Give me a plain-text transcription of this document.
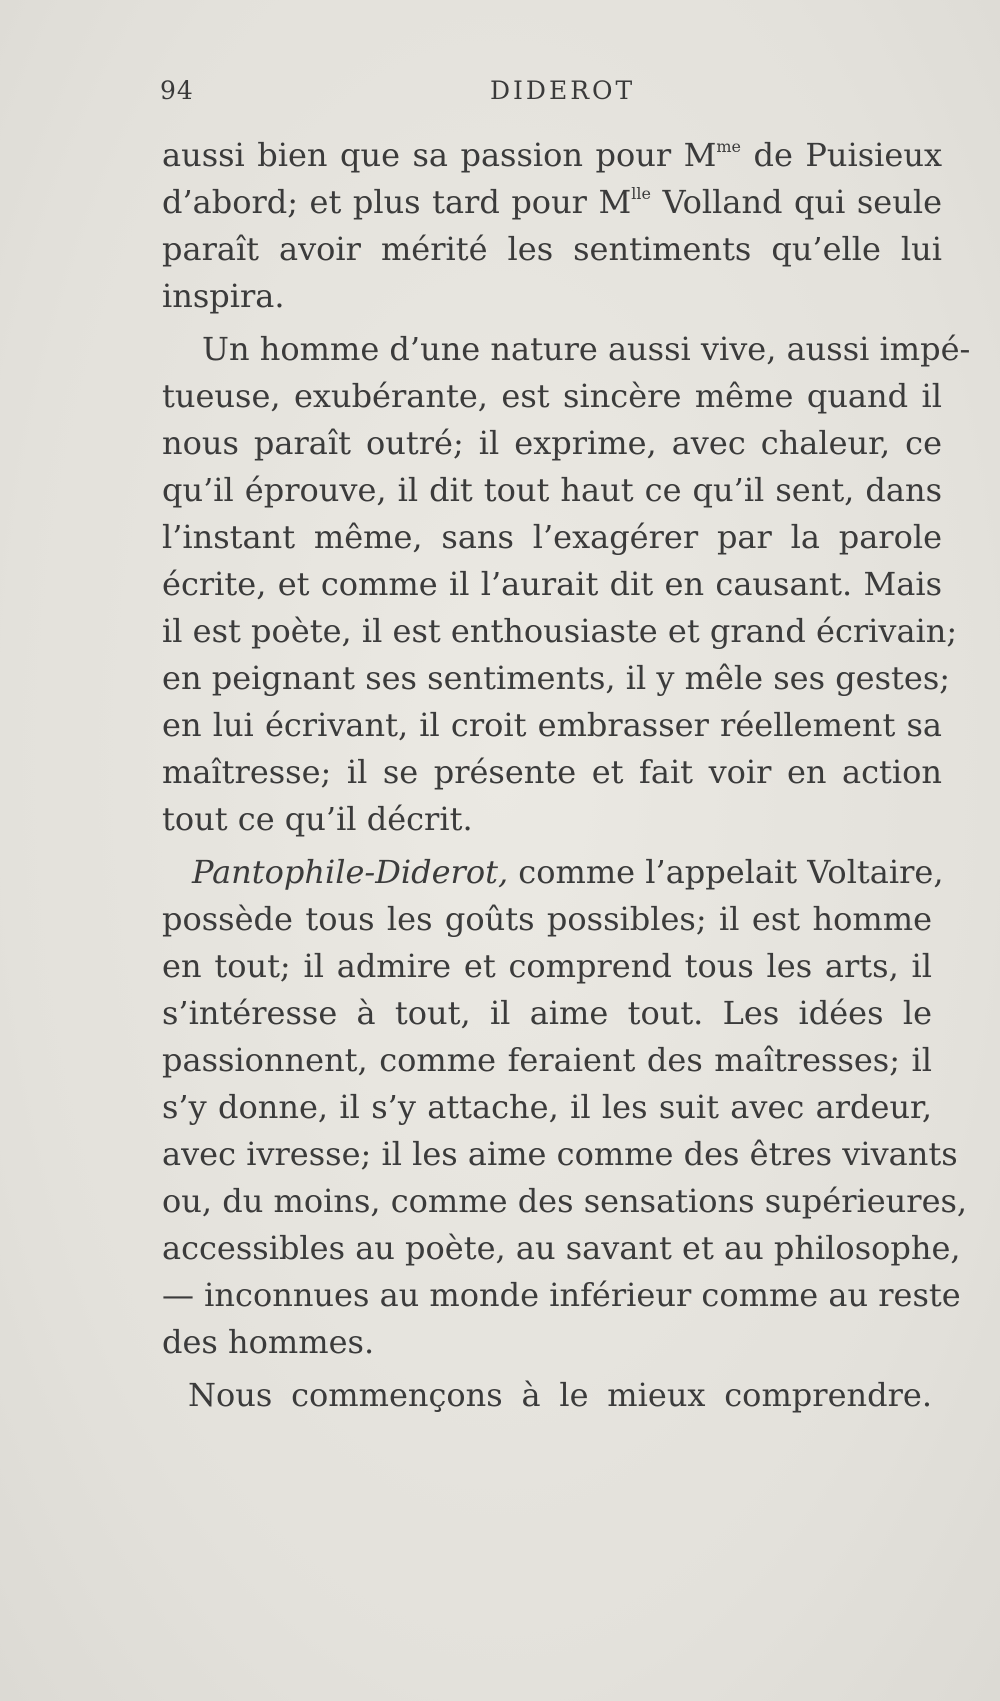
94	DIDEROT
aussi bien que sa passion pour $M^{me}$ de Puisieux
d’abord; et plus tard pour $M^{lle}$ Volland qui seule
paraît avoir mérité les sentiments qu’elle lui
inspira.
Un homme d’une nature aussi vive, aussi impé-
tueuse, exubérante, est sincère même quand il
nous paraît outré; il exprime, avec chaleur, ce
qu’il éprouve, il dit tout haut ce qu’il sent, dans
l’instant même, sans l’exagérer par la parole
écrite, et comme il l’aurait dit en causant. Mais
il est poète, il est enthousiaste et grand écrivain;
en peignant ses sentiments, il y mêle ses gestes;
en lui écrivant, il croit embrasser réellement sa
maîtresse; il se présente et fait voir en action
tout ce qu’il décrit.
Pantophile-Diderot, comme l’appelait Voltaire,
possède tous les goûts possibles; il est homme
en tout; il admire et comprend tous les arts, il
s’intéresse à tout, il aime tout. Les idées le
passionnent, comme feraient des maîtresses; il
s’y donne, il s’y attache, il les suit avec ardeur,
avec ivresse; il les aime comme des êtres vivants
ou, du moins, comme des sensations supérieures,
accessibles au poète, au savant et au philosophe,
— inconnues au monde inférieur comme au reste
des hommes.
Nous commençons à le mieux comprendre.
